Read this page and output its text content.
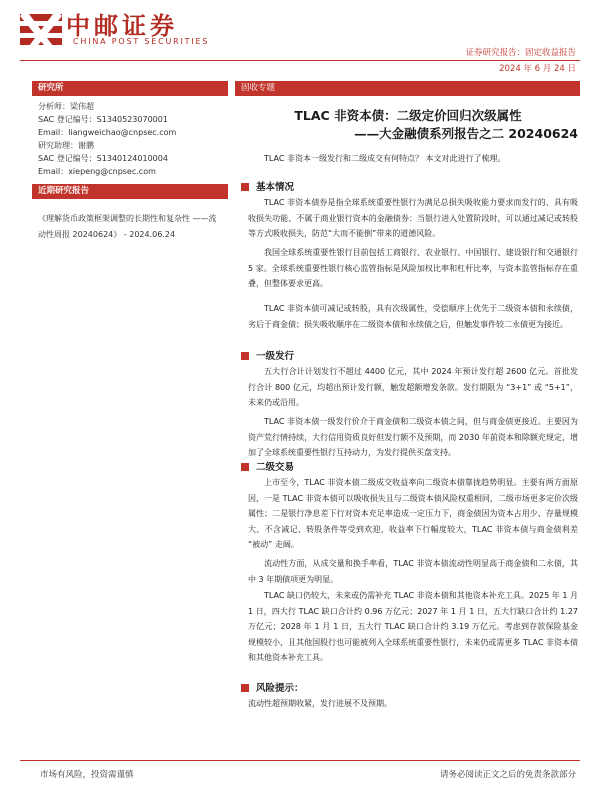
中邮证券
CHINA POST SECURITIES
证券研究报告：固定收益报告
2024 年 6 月 24 日
研究所
分析师：梁伟超
SAC 登记编号：S1340523070001
Email：liangweichao@cnpsec.com
研究助理：谢鹏
SAC 登记编号：S1340124010004
Email：xiepeng@cnpsec.com
近期研究报告
《理解货币政策框架调整的长期性和复杂性 ——流动性周报 20240624》 - 2024.06.24
固收专题
TLAC 非资本债：二级定价回归次级属性
——大金融债系列报告之二 20240624
TLAC 非资本一级发行和二级成交有何特点？ 本文对此进行了梳理。
基本情况
TLAC 非资本债券是指全球系统重要性银行为满足总损失吸收能力要求而发行的、具有吸收损失功能、不属于商业银行资本的金融债券：当银行进入处置阶段时，可以通过减记或转股等方式吸收损失，防范“大而不能倒”带来的道德风险。
我国全球系统重要性银行目前包括工商银行、农业银行、中国银行、建设银行和交通银行 5 家。全球系统重要性银行核心监管指标是风险加权比率和杠杆比率，与资本监管指标存在重叠，但整体要求更高。
TLAC 非资本债可减记或转股，具有次级属性，受偿顺序上优先于二级资本债和永续债，劣后于商金债；损失吸收顺序在二级资本债和永续债之后，但触发事件较二永债更为接近。
一级发行
五大行合计计划发行不超过 4400 亿元，其中 2024 年预计发行超 2600 亿元。首批发行合计 800 亿元，均超出预计发行额，触发超额增发条款。发行期限为 “3+1” 或 “5+1”，未来仍或沿用。
TLAC 非资本债一级发行价介于商金债和二级资本债之间，但与商金债更接近。主要因为资产荒行情持续，大行信用资质良好但发行额不及预期，而 2030 年前资本和除额充规定，增加了全球系统重要性银行互持动力，为发行提供买盘支持。
二级交易
上市至今，TLAC 非资本债二级成交收益率向二级资本债靠拢趋势明显。主要有两方面原因，一是 TLAC 非资本债可以吸收损失且与二级资本债风险权重相同，二级市场更多定价次级属性；二是银行净息差下行对资本充足率造成一定压力下，商金债因为资本占用少、存量规模大、不含减记、转股条件等受到欢迎，收益率下行幅度较大，TLAC 非资本债与商金债利差 “被动” 走阔。
流动性方面，从成交量和换手率看，TLAC 非资本债流动性明显高于商金债和二永债，其中 3 年期债项更为明显。
TLAC 缺口仍较大，未来或仍需补充 TLAC 非资本债和其他资本补充工具。2025 年 1 月 1 日，四大行 TLAC 缺口合计约 0.96 万亿元；2027 年 1 月 1 日，五大行缺口合计约 1.27 万亿元；2028 年 1 月 1 日，五大行 TLAC 缺口合计约 3.19 万亿元。考虑到存款保险基金规模较小，且其他国股行也可能被列入全球系统重要性银行，未来仍或需更多 TLAC 非资本债和其他资本补充工具。
风险提示：
流动性超预期收紧，发行进展不及预期。
市场有风险，投资需谨慎	请务必阅读正文之后的免责条款部分
